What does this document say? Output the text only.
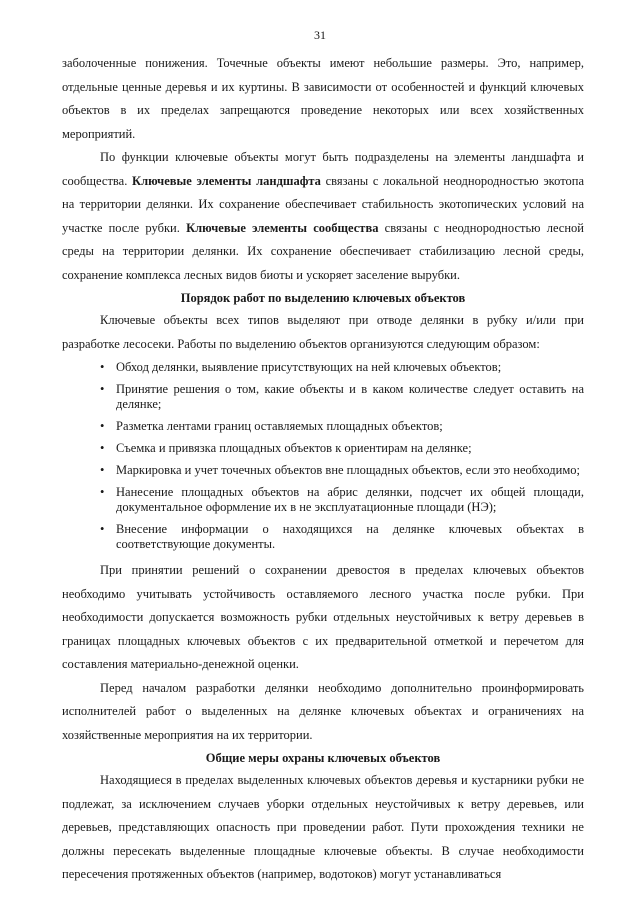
31

заболоченные понижения. Точечные объекты имеют небольшие размеры. Это, например, отдельные ценные деревья и их куртины. В зависимости от особенностей и функций ключевых объектов в их пределах запрещаются проведение некоторых или всех хозяйственных мероприятий.

По функции ключевые объекты могут быть подразделены на элементы ландшафта и сообщества. Ключевые элементы ландшафта связаны с локальной неоднородностью экотопа на территории делянки. Их сохранение обеспечивает стабильность экотопических условий на участке после рубки. Ключевые элементы сообщества связаны с неоднородностью лесной среды на территории делянки. Их сохранение обеспечивает стабилизацию лесной среды, сохранение комплекса лесных видов биоты и ускоряет заселение вырубки.

Порядок работ по выделению ключевых объектов

Ключевые объекты всех типов выделяют при отводе делянки в рубку и/или при разработке лесосеки. Работы по выделению объектов организуются следующим образом:

• Обход делянки, выявление присутствующих на ней ключевых объектов;
• Принятие решения о том, какие объекты и в каком количестве следует оставить на делянке;
• Разметка лентами границ оставляемых площадных объектов;
• Съемка и привязка площадных объектов к ориентирам на делянке;
• Маркировка и учет точечных объектов вне площадных объектов, если это необходимо;
• Нанесение площадных объектов на абрис делянки, подсчет их общей площади, документальное оформление их в не эксплуатационные площади (НЭ);
• Внесение информации о находящихся на делянке ключевых объектах в соответствующие документы.

При принятии решений о сохранении древостоя в пределах ключевых объектов необходимо учитывать устойчивость оставляемого лесного участка после рубки. При необходимости допускается возможность рубки отдельных неустойчивых к ветру деревьев в границах площадных ключевых объектов с их предварительной отметкой и перечетом для составления материально-денежной оценки.

Перед началом разработки делянки необходимо дополнительно проинформировать исполнителей работ о выделенных на делянке ключевых объектах и ограничениях на хозяйственные мероприятия на их территории.

Общие меры охраны ключевых объектов

Находящиеся в пределах выделенных ключевых объектов деревья и кустарники рубки не подлежат, за исключением случаев уборки отдельных неустойчивых к ветру деревьев, или деревьев, представляющих опасность при проведении работ. Пути прохождения техники не должны пересекать выделенные площадные ключевые объекты. В случае необходимости пересечения протяженных объектов (например, водотоков) могут устанавливаться
